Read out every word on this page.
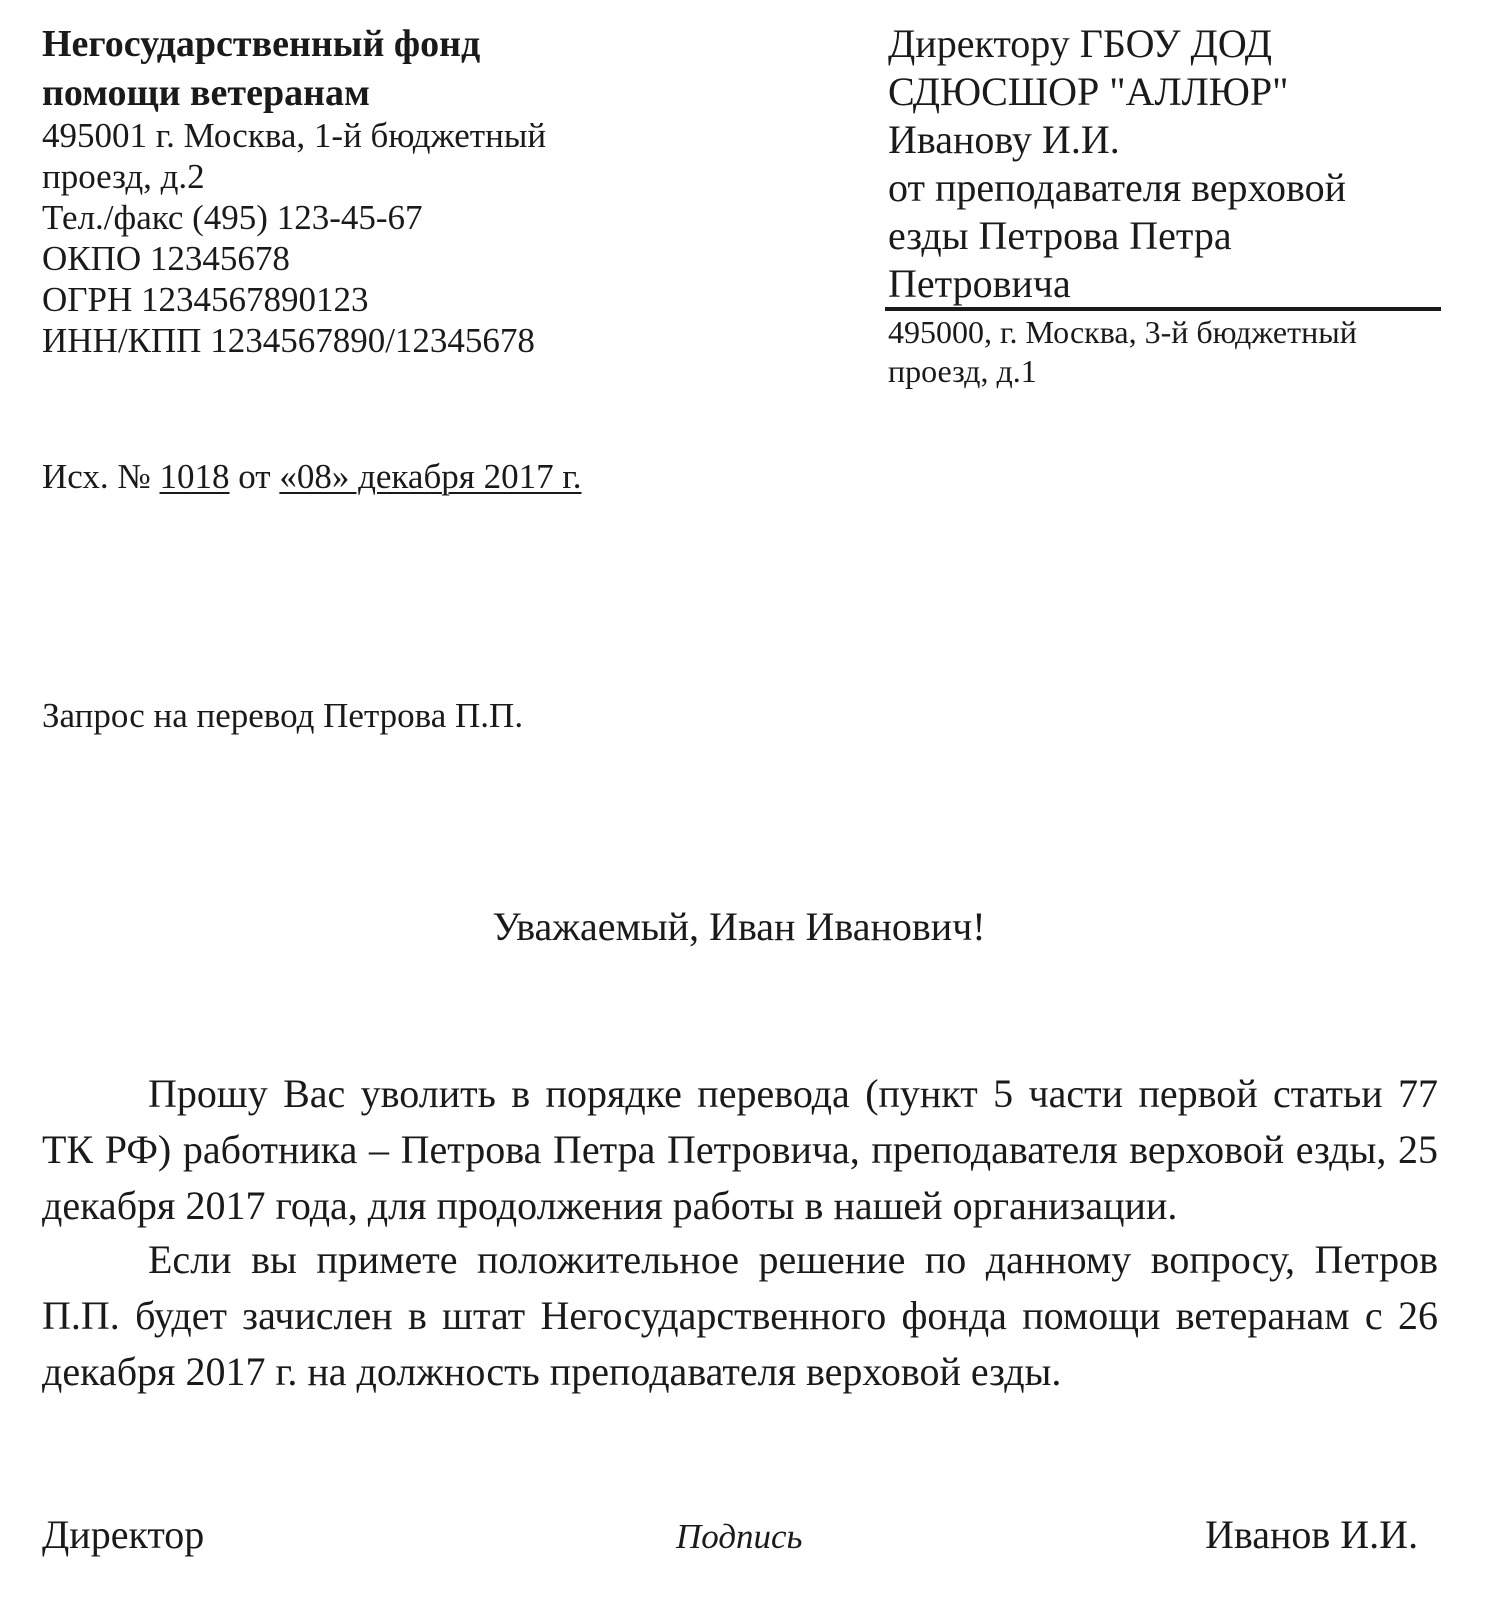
Негосударственный фонд

помощи ветеранам

495001 г. Москва, 1-й бюджетный

проезд, д.2

Тел./факс (495) 123-45-67

ОКПО 12345678

ОГРН 1234567890123

ИНН/КПП 1234567890/12345678

Директору ГБОУ ДОД

СДЮСШОР "АЛЛЮР"

Иванову И.И.

от преподавателя верховой

езды Петрова Петра

Петровича

495000, г. Москва, 3-й бюджетный

проезд, д.1

Исх. № 1018 от «08» декабря 2017 г.

Запрос на перевод Петрова П.П.

Уважаемый, Иван Иванович!

Прошу Вас уволить в порядке перевода (пункт 5 части первой статьи 77 ТК РФ) работника – Петрова Петра Петровича, преподавателя верховой езды, 25 декабря 2017 года, для продолжения работы в нашей организации.

Если вы примете положительное решение по данному вопросу, Петров П.П. будет зачислен в штат Негосударственного фонда помощи ветеранам с 26 декабря 2017 г. на должность преподавателя верховой езды.

Директор	Подпись	Иванов И.И.
